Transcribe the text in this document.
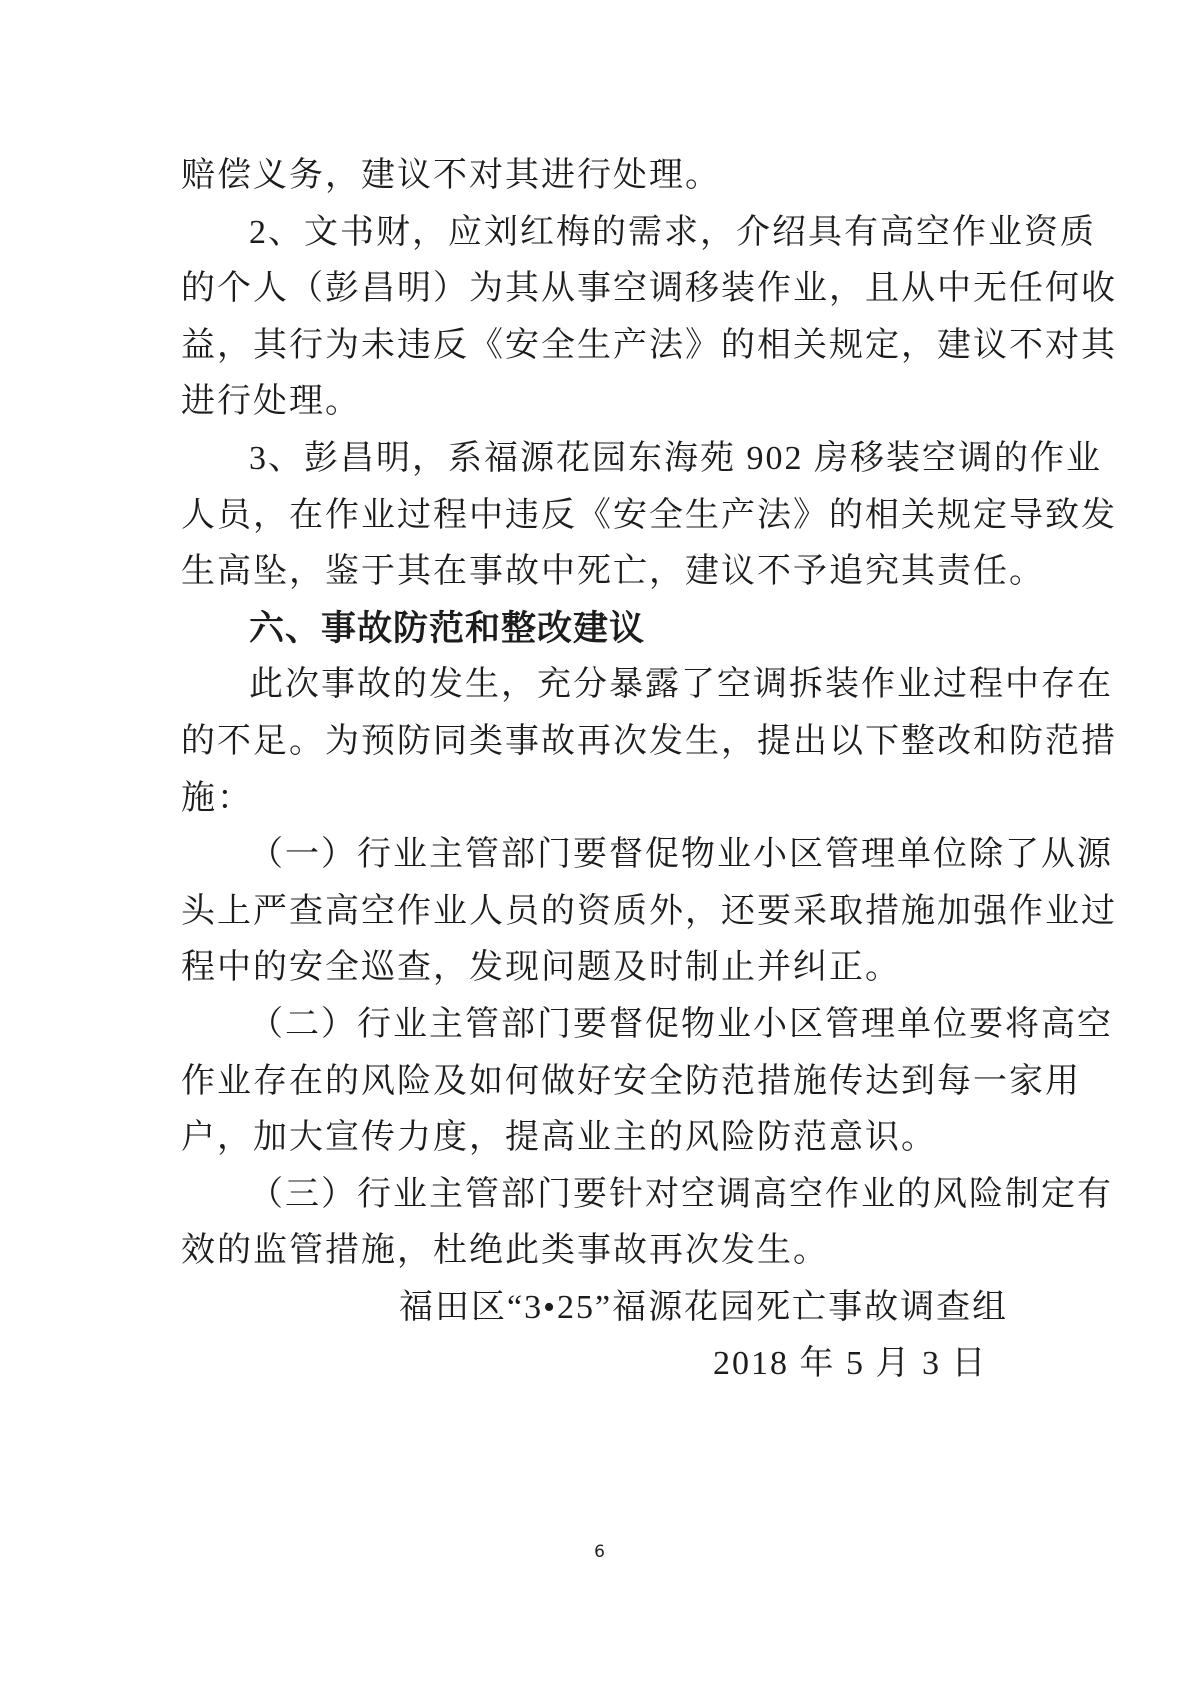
赔偿义务，建议不对其进行处理。
2、文书财，应刘红梅的需求，介绍具有高空作业资质
的个人（彭昌明）为其从事空调移装作业，且从中无任何收
益，其行为未违反《安全生产法》的相关规定，建议不对其
进行处理。
3、彭昌明，系福源花园东海苑 902 房移装空调的作业
人员，在作业过程中违反《安全生产法》的相关规定导致发
生高坠，鉴于其在事故中死亡，建议不予追究其责任。
六、事故防范和整改建议
此次事故的发生，充分暴露了空调拆装作业过程中存在
的不足。为预防同类事故再次发生，提出以下整改和防范措
施：
（一）行业主管部门要督促物业小区管理单位除了从源
头上严查高空作业人员的资质外，还要采取措施加强作业过
程中的安全巡查，发现问题及时制止并纠正。
（二）行业主管部门要督促物业小区管理单位要将高空
作业存在的风险及如何做好安全防范措施传达到每一家用
户，加大宣传力度，提高业主的风险防范意识。
（三）行业主管部门要针对空调高空作业的风险制定有
效的监管措施，杜绝此类事故再次发生。
福田区“3•25”福源花园死亡事故调查组
2018 年 5 月 3 日
6
